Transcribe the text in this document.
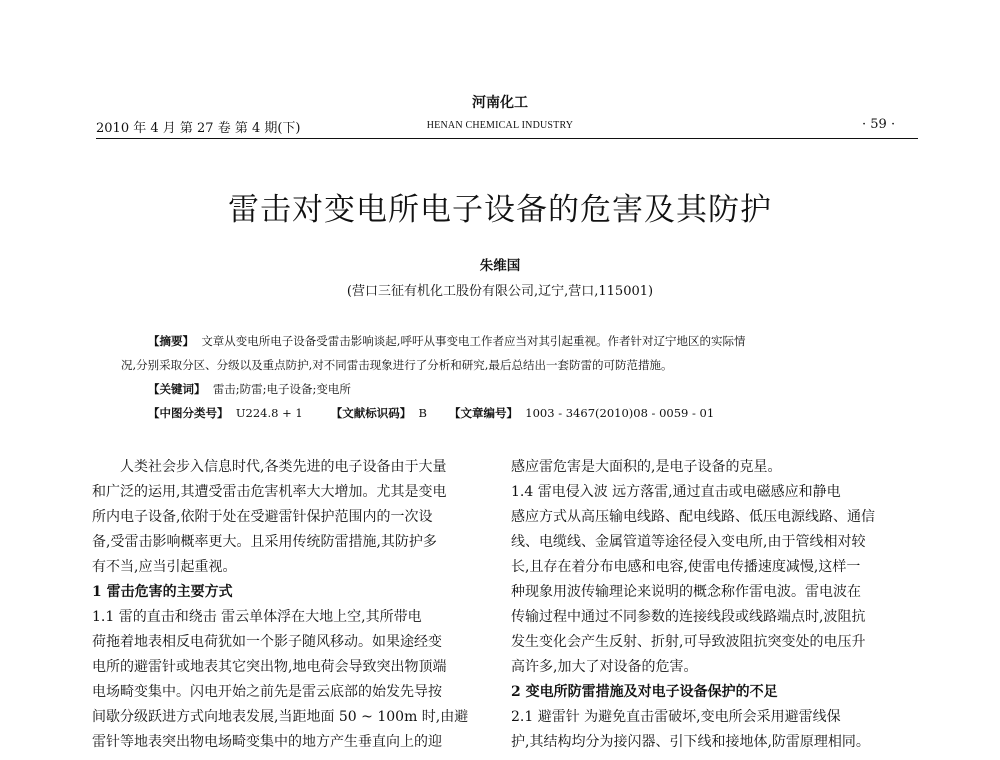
河南化工
2010 年 4 月 第 27 卷 第 4 期(下)	HENAN CHEMICAL INDUSTRY	· 59 ·
雷击对变电所电子设备的危害及其防护
朱维国
(营口三征有机化工股份有限公司,辽宁,营口,115001)
【摘要】 文章从变电所电子设备受雷击影响谈起,呼吁从事变电工作者应当对其引起重视。作者针对辽宁地区的实际情
况,分别采取分区、分级以及重点防护,对不同雷击现象进行了分析和研究,最后总结出一套防雷的可防范措施。
【关键词】 雷击;防雷;电子设备;变电所
【中图分类号】 U224.8 + 1 【文献标识码】 B 【文章编号】 1003 - 3467(2010)08 - 0059 - 01
人类社会步入信息时代,各类先进的电子设备由于大量
和广泛的运用,其遭受雷击危害机率大大增加。尤其是变电
所内电子设备,依附于处在受避雷针保护范围内的一次设
备,受雷击影响概率更大。且采用传统防雷措施,其防护多
有不当,应当引起重视。
1 雷击危害的主要方式
1.1 雷的直击和绕击 雷云单体浮在大地上空,其所带电
荷拖着地表相反电荷犹如一个影子随风移动。如果途经变
电所的避雷针或地表其它突出物,地电荷会导致突出物顶端
电场畸变集中。闪电开始之前先是雷云底部的始发先导按
间歇分级跃进方式向地表发展,当距地面 50 ~ 100m 时,由避
雷针等地表突出物电场畸变集中的地方产生垂直向上的迎
感应雷危害是大面积的,是电子设备的克星。
1.4 雷电侵入波 远方落雷,通过直击或电磁感应和静电
感应方式从高压输电线路、配电线路、低压电源线路、通信
线、电缆线、金属管道等途径侵入变电所,由于管线相对较
长,且存在着分布电感和电容,使雷电传播速度减慢,这样一
种现象用波传输理论来说明的概念称作雷电波。雷电波在
传输过程中通过不同参数的连接线段或线路端点时,波阻抗
发生变化会产生反射、折射,可导致波阻抗突变处的电压升
高许多,加大了对设备的危害。
2 变电所防雷措施及对电子设备保护的不足
2.1 避雷针 为避免直击雷破坏,变电所会采用避雷线保
护,其结构均分为接闪器、引下线和接地体,防雷原理相同。
